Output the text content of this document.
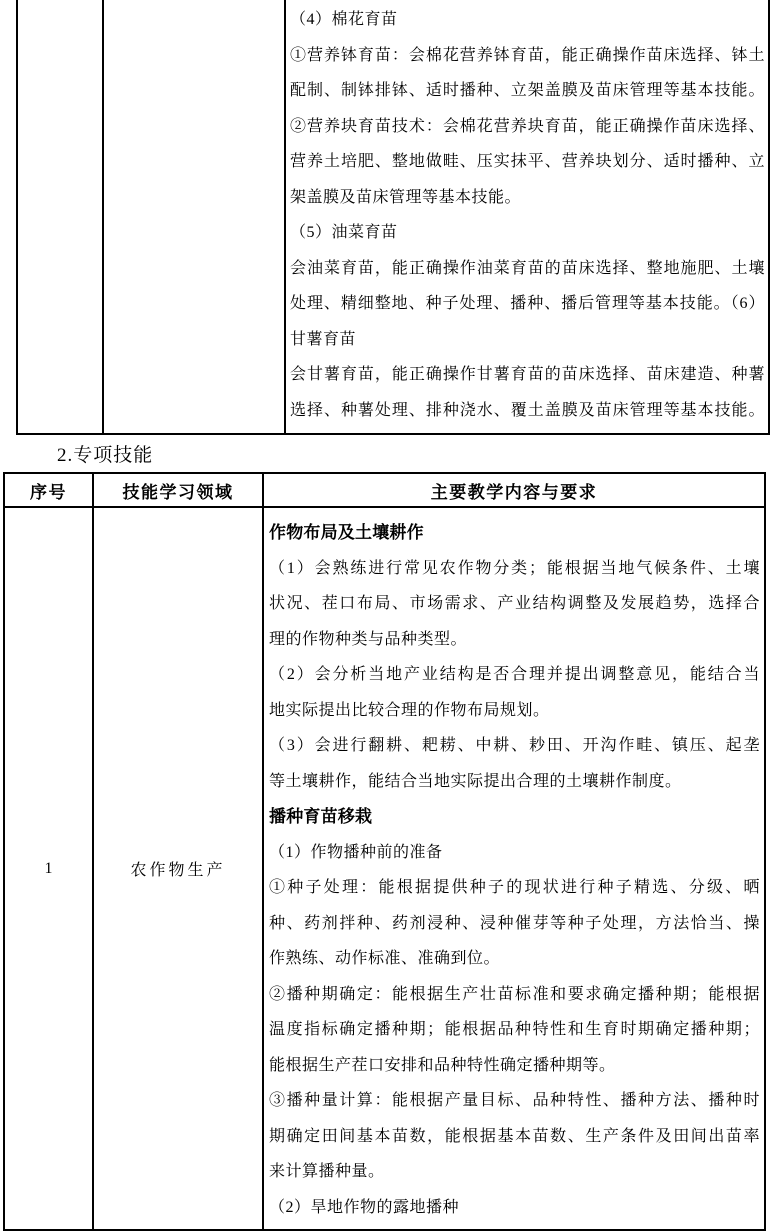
（4）棉花育苗
①营养钵育苗：会棉花营养钵育苗，能正确操作苗床选择、钵土
配制、制钵排钵、适时播种、立架盖膜及苗床管理等基本技能。
②营养块育苗技术：会棉花营养块育苗，能正确操作苗床选择、
营养土培肥、整地做畦、压实抹平、营养块划分、适时播种、立
架盖膜及苗床管理等基本技能。
（5）油菜育苗
会油菜育苗，能正确操作油菜育苗的苗床选择、整地施肥、土壤
处理、精细整地、种子处理、播种、播后管理等基本技能。（6）
甘薯育苗
会甘薯育苗，能正确操作甘薯育苗的苗床选择、苗床建造、种薯
选择、种薯处理、排种浇水、覆土盖膜及苗床管理等基本技能。
2.专项技能
序号	技能学习领域	主要教学内容与要求
1	农作物生产
作物布局及土壤耕作
（1）会熟练进行常见农作物分类；能根据当地气候条件、土壤
状况、茬口布局、市场需求、产业结构调整及发展趋势，选择合
理的作物种类与品种类型。
（2）会分析当地产业结构是否合理并提出调整意见，能结合当
地实际提出比较合理的作物布局规划。
（3）会进行翻耕、耙耢、中耕、耖田、开沟作畦、镇压、起垄
等土壤耕作，能结合当地实际提出合理的土壤耕作制度。
播种育苗移栽
（1）作物播种前的准备
①种子处理：能根据提供种子的现状进行种子精选、分级、晒
种、药剂拌种、药剂浸种、浸种催芽等种子处理，方法恰当、操
作熟练、动作标准、准确到位。
②播种期确定：能根据生产壮苗标准和要求确定播种期；能根据
温度指标确定播种期；能根据品种特性和生育时期确定播种期；
能根据生产茬口安排和品种特性确定播种期等。
③播种量计算：能根据产量目标、品种特性、播种方法、播种时
期确定田间基本苗数，能根据基本苗数、生产条件及田间出苗率
来计算播种量。
（2）旱地作物的露地播种
